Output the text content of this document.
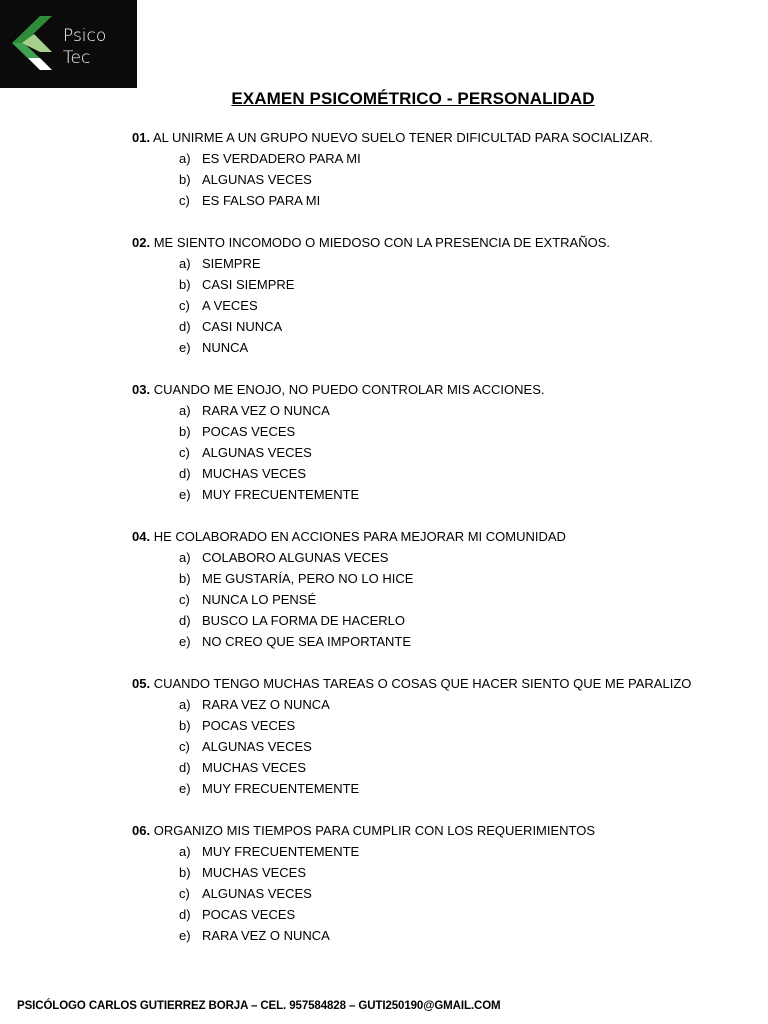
Psico
Tec
EXAMEN PSICOMÉTRICO - PERSONALIDAD
01. AL UNIRME A UN GRUPO NUEVO SUELO TENER DIFICULTAD PARA SOCIALIZAR.
a) ES VERDADERO PARA MI
b) ALGUNAS VECES
c) ES FALSO PARA MI
02. ME SIENTO INCOMODO O MIEDOSO CON LA PRESENCIA DE EXTRAÑOS.
a) SIEMPRE
b) CASI SIEMPRE
c) A VECES
d) CASI NUNCA
e) NUNCA
03. CUANDO ME ENOJO, NO PUEDO CONTROLAR MIS ACCIONES.
a) RARA VEZ O NUNCA
b) POCAS VECES
c) ALGUNAS VECES
d) MUCHAS VECES
e) MUY FRECUENTEMENTE
04. HE COLABORADO EN ACCIONES PARA MEJORAR MI COMUNIDAD
a) COLABORO ALGUNAS VECES
b) ME GUSTARÍA, PERO NO LO HICE
c) NUNCA LO PENSÉ
d) BUSCO LA FORMA DE HACERLO
e) NO CREO QUE SEA IMPORTANTE
05. CUANDO TENGO MUCHAS TAREAS O COSAS QUE HACER SIENTO QUE ME PARALIZO
a) RARA VEZ O NUNCA
b) POCAS VECES
c) ALGUNAS VECES
d) MUCHAS VECES
e) MUY FRECUENTEMENTE
06. ORGANIZO MIS TIEMPOS PARA CUMPLIR CON LOS REQUERIMIENTOS
a) MUY FRECUENTEMENTE
b) MUCHAS VECES
c) ALGUNAS VECES
d) POCAS VECES
e) RARA VEZ O NUNCA
PSICÓLOGO CARLOS GUTIERREZ BORJA – CEL. 957584828 – GUTI250190@GMAIL.COM
